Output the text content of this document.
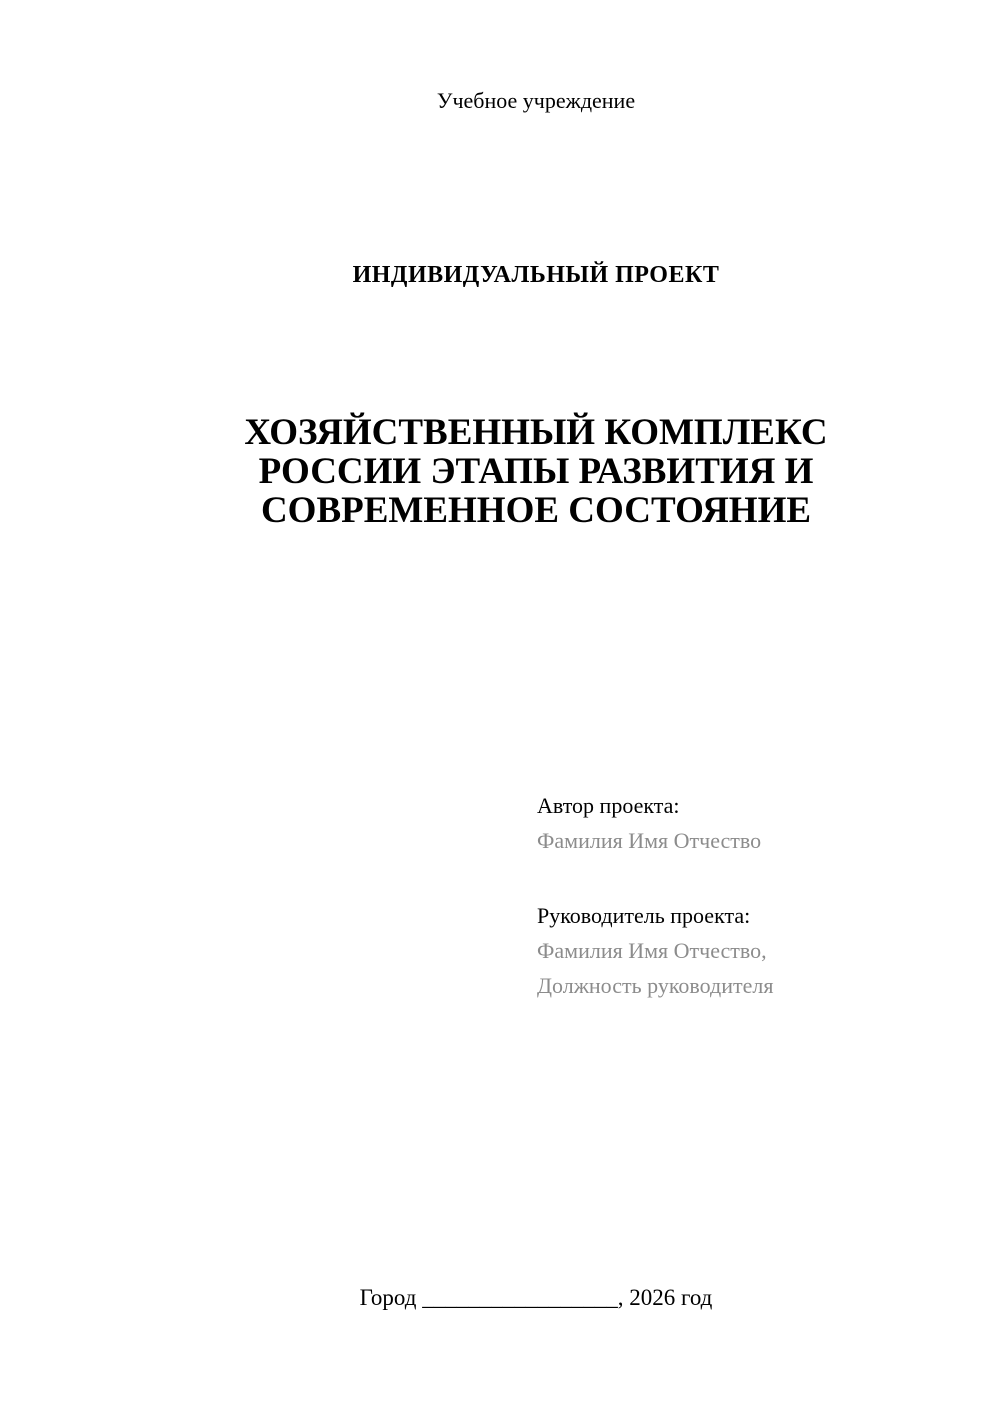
Учебное учреждение
ИНДИВИДУАЛЬНЫЙ ПРОЕКТ
ХОЗЯЙСТВЕННЫЙ КОМПЛЕКС
РОССИИ ЭТАПЫ РАЗВИТИЯ И
СОВРЕМЕННОЕ СОСТОЯНИЕ
Автор проекта:
Фамилия Имя Отчество
Руководитель проекта:
Фамилия Имя Отчество,
Должность руководителя
Город _________________, 2026 год
